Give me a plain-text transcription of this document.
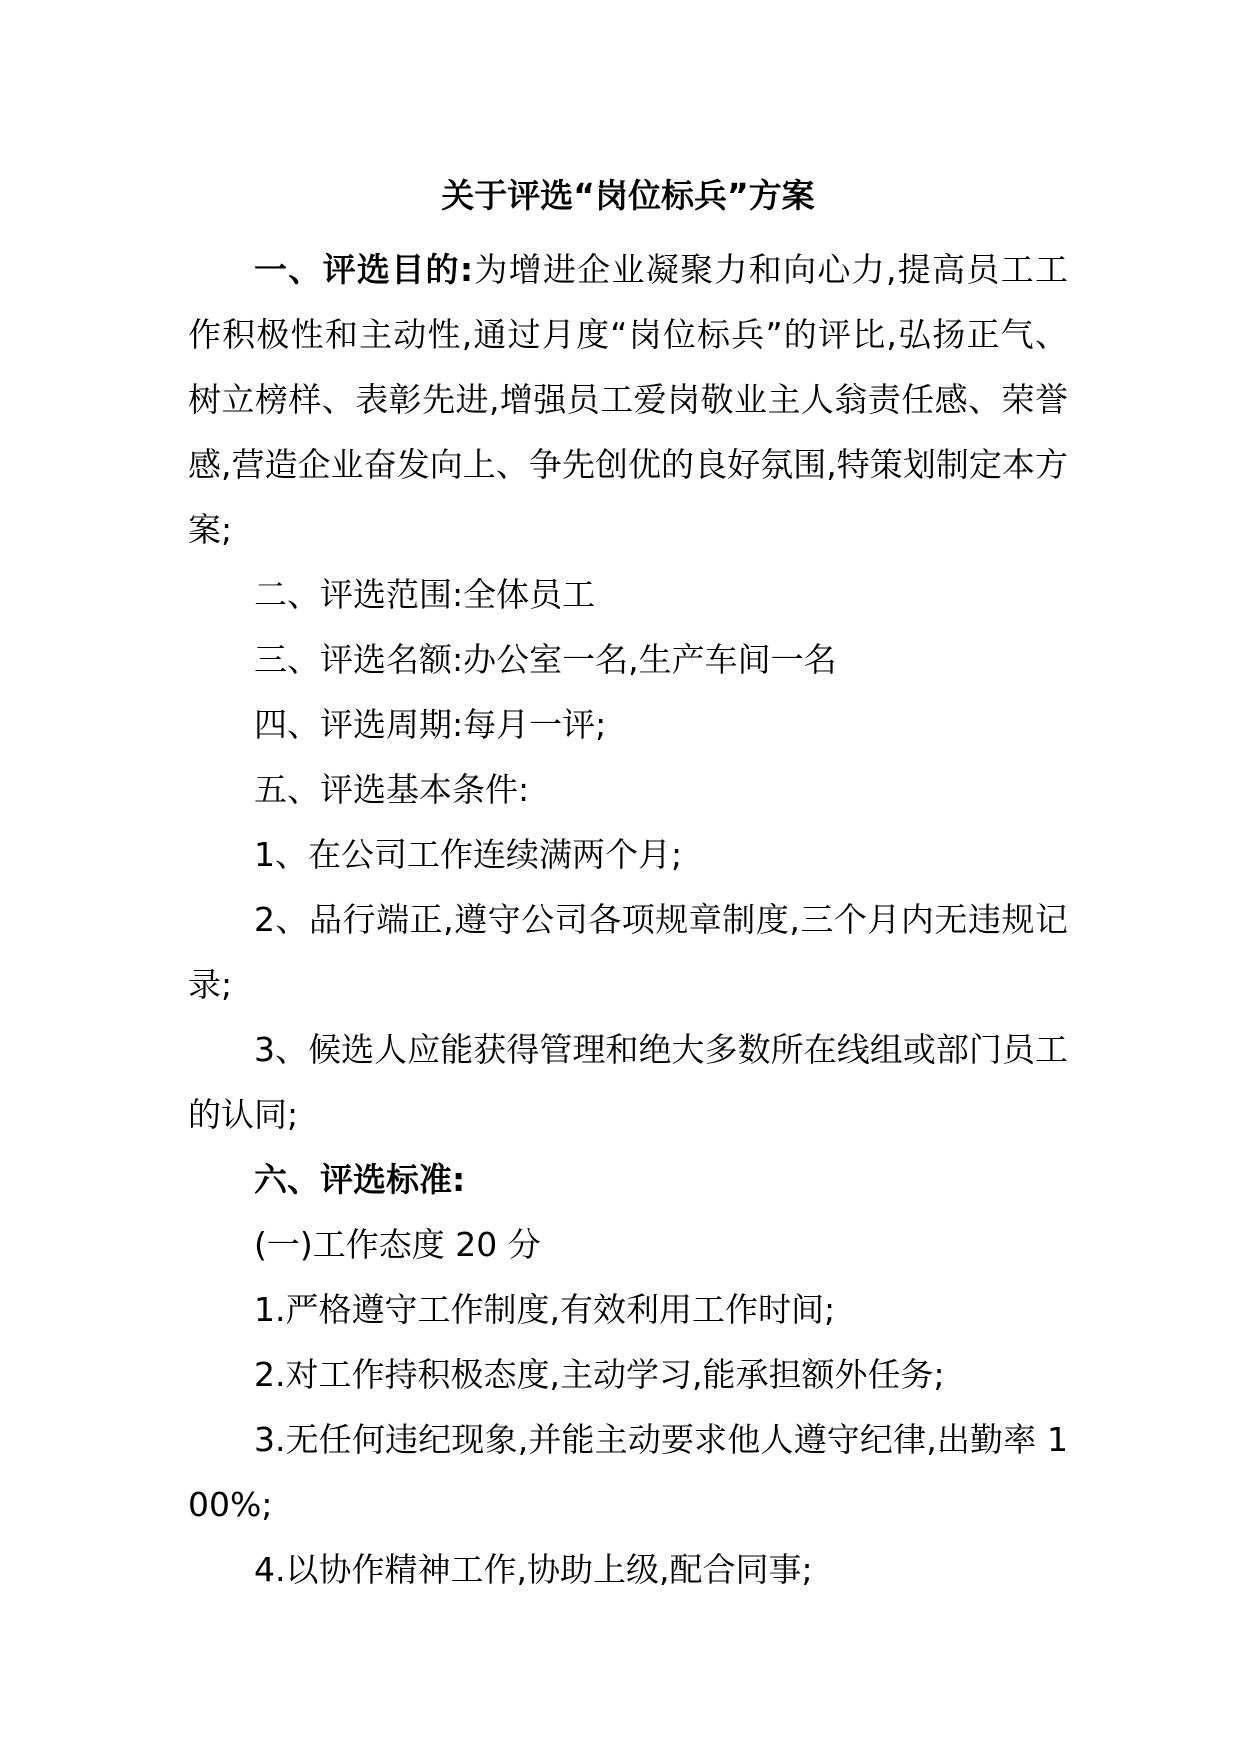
关于评选“岗位标兵”方案

一、评选目的:为增进企业凝聚力和向心力,提高员工工作积极性和主动性,通过月度“岗位标兵”的评比,弘扬正气、树立榜样、表彰先进,增强员工爱岗敬业主人翁责任感、荣誉感,营造企业奋发向上、争先创优的良好氛围,特策划制定本方案;

二、评选范围:全体员工

三、评选名额:办公室一名,生产车间一名

四、评选周期:每月一评;

五、评选基本条件:

1、在公司工作连续满两个月;

2、品行端正,遵守公司各项规章制度,三个月内无违规记录;

3、候选人应能获得管理和绝大多数所在线组或部门员工的认同;

六、评选标准:

(一)工作态度 20 分

1.严格遵守工作制度,有效利用工作时间;

2.对工作持积极态度,主动学习,能承担额外任务;

3.无任何违纪现象,并能主动要求他人遵守纪律,出勤率 100%;

4.以协作精神工作,协助上级,配合同事;
